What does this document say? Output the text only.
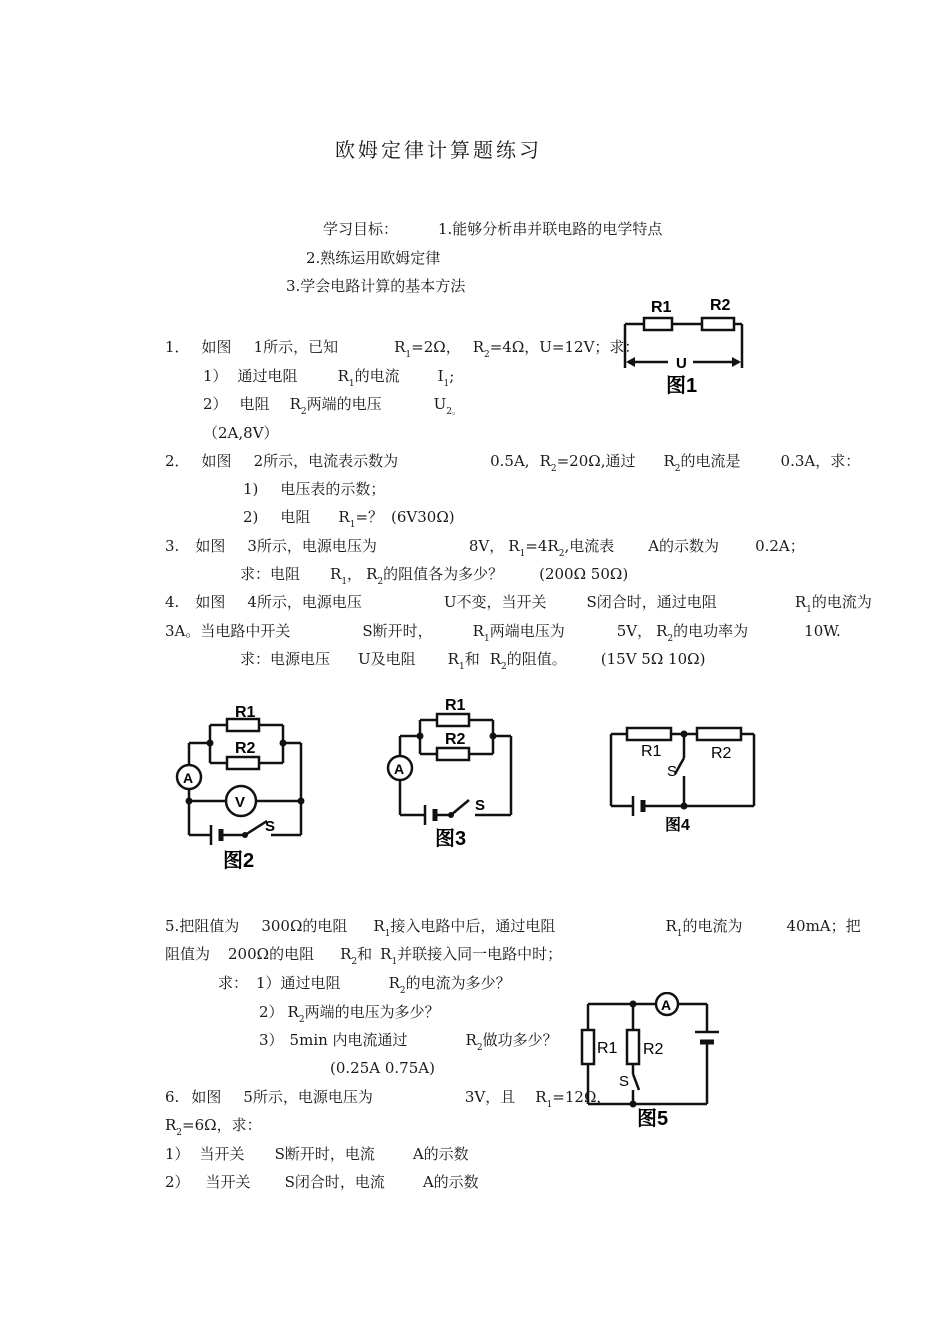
欧姆定律计算题练习
学习目标：	1.能够分析串并联电路的电学特点
2.熟练运用欧姆定律
3.学会电路计算的基本方法
1． 如图 1所示，已知	$R_1=2\Omega$， $R_2=4\Omega$，U=12V；求：
1） 通过电阻	$R_1$的电流	$I_1$;
2） 电阻 $R_2$两端的电压	$U_{2。}$
（2A,8V）
2． 如图 2所示，电流表示数为	0.5A, $R_2=20\Omega$,通过 $R_2$的电流是	0.3A，求：
1) 电压表的示数；
2) 电阻 $R_1=$？ (6V30Ω)
3. 如图 3所示，电源电压为	8V， $R_1=4R_2$,电流表 A的示数为 0.2A；
求：电阻 $R_1$， $R_2$的阻值各为多少？ (200Ω 50Ω)
4. 如图 4所示，电源电压	U不变，当开关	S闭合时，通过电阻	$R_1$的电流为
3A。当电路中开关	S断开时，	$R_1$两端电压为	5V， $R_2$的电功率为	10W.
求：电源电压 U及电阻 $R_1$和 $R_2$的阻值。 (15V 5Ω 10Ω)
R1 R2
U
图1
A
V
R1
R2
S
图2
A
R1
R2
S
图3
R1	R2
S
图4
5.把阻值为 300Ω的电阻 $R_1$接入电路中后，通过电阻	$R_1$的电流为	40mA；把
阻值为 200Ω的电阻 $R_2$和 $R_1$并联接入同一电路中时；
求： 1）通过电阻	$R_2$的电流为多少？
2） $R_2$两端的电压为多少？
3） 5min 内电流通过	$R_2$做功多少？
(0.25A 0.75A)
6. 如图 5所示，电源电压为	3V，且 $R_1=12\Omega$，
$R_2=6\Omega$，求：
1） 当开关 S断开时，电流	A的示数
2） 当开关 S闭合时，电流	A的示数
A
R1 R2
S
图5
